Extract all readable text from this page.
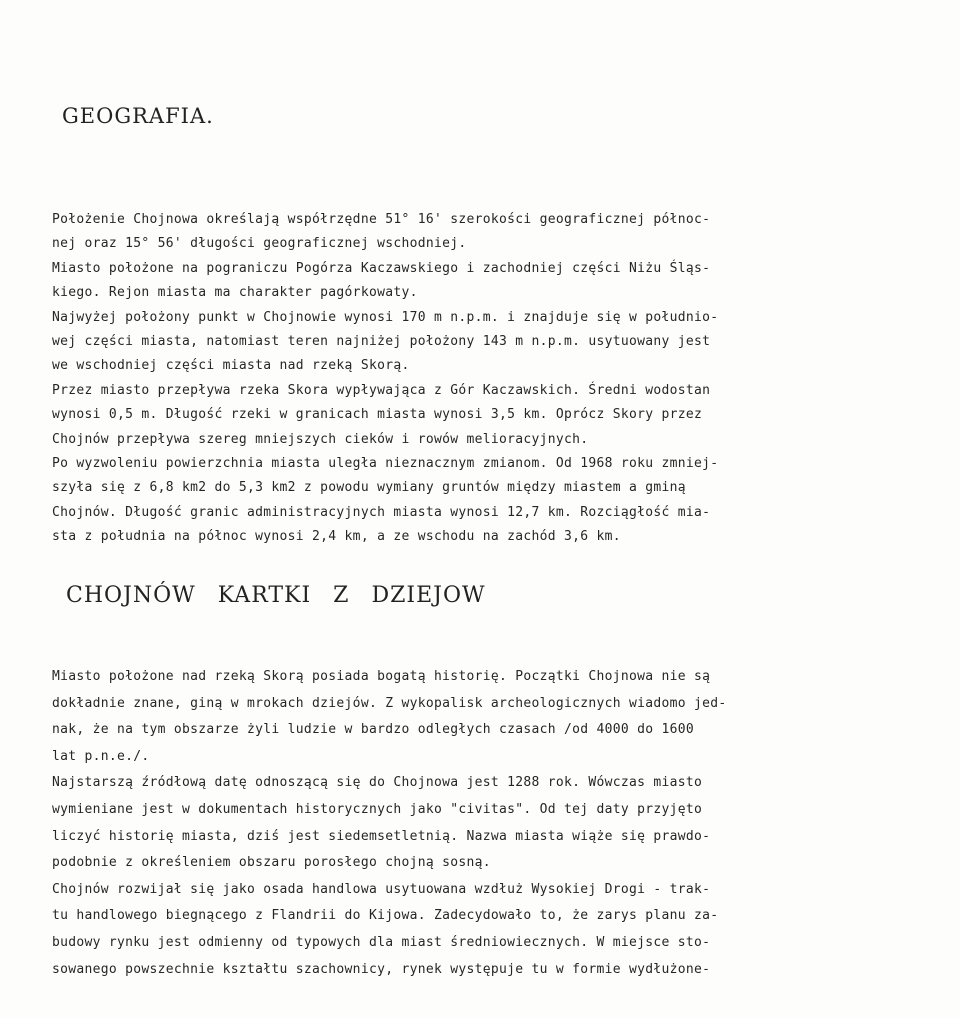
GEOGRAFIA.
Położenie Chojnowa określają współrzędne 51° 16' szerokości geograficznej północ-
nej oraz 15° 56' długości geograficznej wschodniej.
Miasto położone na pograniczu Pogórza Kaczawskiego i zachodniej części Niżu Śląs-
kiego. Rejon miasta ma charakter pagórkowaty.
Najwyżej położony punkt w Chojnowie wynosi 170 m n.p.m. i znajduje się w południo-
wej części miasta, natomiast teren najniżej położony 143 m n.p.m. usytuowany jest
we wschodniej części miasta nad rzeką Skorą.
Przez miasto przepływa rzeka Skora wypływająca z Gór Kaczawskich. Średni wodostan
wynosi 0,5 m. Długość rzeki w granicach miasta wynosi 3,5 km. Oprócz Skory przez
Chojnów przepływa szereg mniejszych cieków i rowów melioracyjnych.
Po wyzwoleniu powierzchnia miasta uległa nieznacznym zmianom. Od 1968 roku zmniej-
szyła się z 6,8 km2 do 5,3 km2 z powodu wymiany gruntów między miastem a gminą
Chojnów. Długość granic administracyjnych miasta wynosi 12,7 km. Rozciągłość mia-
sta z południa na północ wynosi 2,4 km, a ze wschodu na zachód 3,6 km.
CHOJNÓW KARTKI Z DZIEJOW
Miasto położone nad rzeką Skorą posiada bogatą historię. Początki Chojnowa nie są
dokładnie znane, giną w mrokach dziejów. Z wykopalisk archeologicznych wiadomo jed-
nak, że na tym obszarze żyli ludzie w bardzo odległych czasach /od 4000 do 1600
lat p.n.e./.
Najstarszą źródłową datę odnoszącą się do Chojnowa jest 1288 rok. Wówczas miasto
wymieniane jest w dokumentach historycznych jako "civitas". Od tej daty przyjęto
liczyć historię miasta, dziś jest siedemsetletnią. Nazwa miasta wiąże się prawdo-
podobnie z określeniem obszaru porosłego chojną sosną.
Chojnów rozwijał się jako osada handlowa usytuowana wzdłuż Wysokiej Drogi - trak-
tu handlowego biegnącego z Flandrii do Kijowa. Zadecydowało to, że zarys planu za-
budowy rynku jest odmienny od typowych dla miast średniowiecznych. W miejsce sto-
sowanego powszechnie kształtu szachownicy, rynek występuje tu w formie wydłużone-
